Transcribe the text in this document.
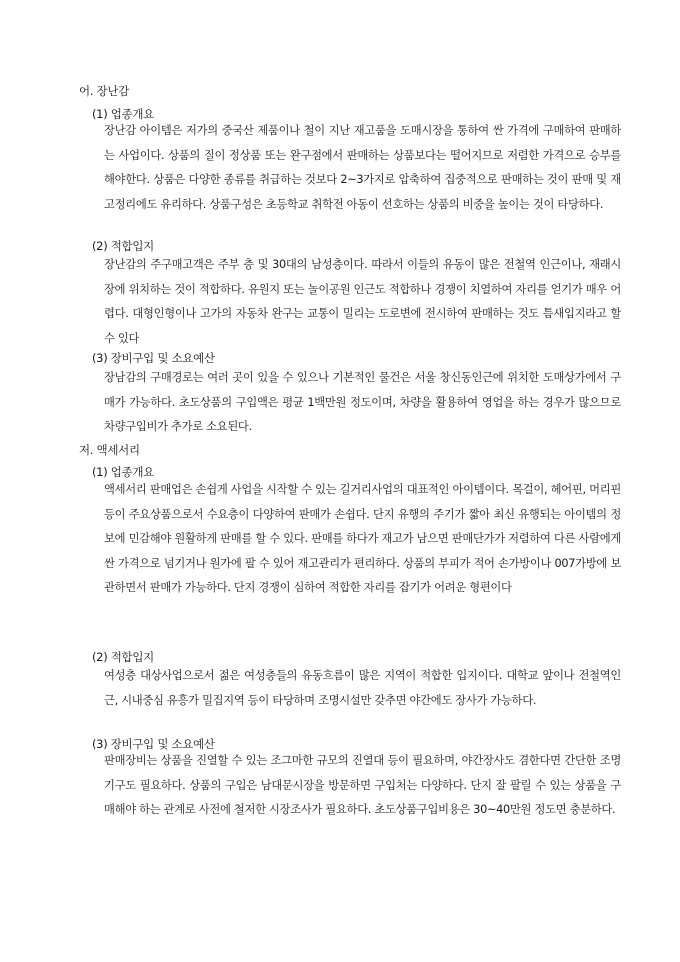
어. 장난감
(1) 업종개요
장난감 아이템은 저가의 중국산 제품이나 철이 지난 재고품을 도매시장을 통하여 싼 가격에 구매하여 판매하는 사업이다. 상품의 질이 정상품 또는 완구점에서 판매하는 상품보다는 떨어지므로 저렴한 가격으로 승부를 해야한다. 상품은 다양한 종류를 취급하는 것보다 2~3가지로 압축하여 집중적으로 판매하는 것이 판매 및 재고정리에도 유리하다. 상품구성은 초등학교 취학전 아동이 선호하는 상품의 비중을 높이는 것이 타당하다.
(2) 적합입지
장난감의 주구매고객은 주부 층 및 30대의 남성층이다. 따라서 이들의 유동이 많은 전철역 인근이나, 재래시장에 위치하는 것이 적합하다. 유원지 또는 놀이공원 인근도 적합하나 경쟁이 치열하여 자리를 얻기가 매우 어렵다. 대형인형이나 고가의 자동차 완구는 교통이 밀리는 도로변에 전시하여 판매하는 것도 틈새입지라고 할 수 있다
(3) 장비구입 및 소요예산
장남감의 구매경로는 여러 곳이 있을 수 있으나 기본적인 물건은 서울 창신동인근에 위치한 도매상가에서 구매가 가능하다. 초도상품의 구입액은 평균 1백만원 정도이며, 차량을 활용하여 영업을 하는 경우가 많으므로 차량구입비가 추가로 소요된다.
저. 액세서리
(1) 업종개요
액세서리 판매업은 손쉽게 사업을 시작할 수 있는 길거리사업의 대표적인 아이템이다. 목걸이, 헤어핀, 머리핀 등이 주요상품으로서 수요층이 다양하여 판매가 손쉽다. 단지 유행의 주기가 짧아 최신 유행되는 아이템의 정보에 민감해야 원활하게 판매를 할 수 있다. 판매를 하다가 재고가 남으면 판매단가가 저렴하여 다른 사람에게 싼 가격으로 넘기거나 원가에 팔 수 있어 재고관리가 편리하다. 상품의 부피가 적어 손가방이나 007가방에 보관하면서 판매가 가능하다. 단지 경쟁이 심하여 적합한 자리를 잡기가 어려운 형편이다
(2) 적합입지
여성층 대상사업으로서 젊은 여성층들의 유동흐름이 많은 지역이 적합한 입지이다. 대학교 앞이나 전철역인근, 시내중심 유흥가 밀집지역 등이 타당하며 조명시설만 갖추면 야간에도 장사가 가능하다.
(3) 장비구입 및 소요예산
판매장비는 상품을 진열할 수 있는 조그마한 규모의 진열대 등이 필요하며, 야간장사도 겸한다면 간단한 조명기구도 필요하다. 상품의 구입은 남대문시장을 방문하면 구입처는 다양하다. 단지 잘 팔릴 수 있는 상품을 구매해야 하는 관계로 사전에 철저한 시장조사가 필요하다. 초도상품구입비용은 30~40만원 정도면 충분하다.
